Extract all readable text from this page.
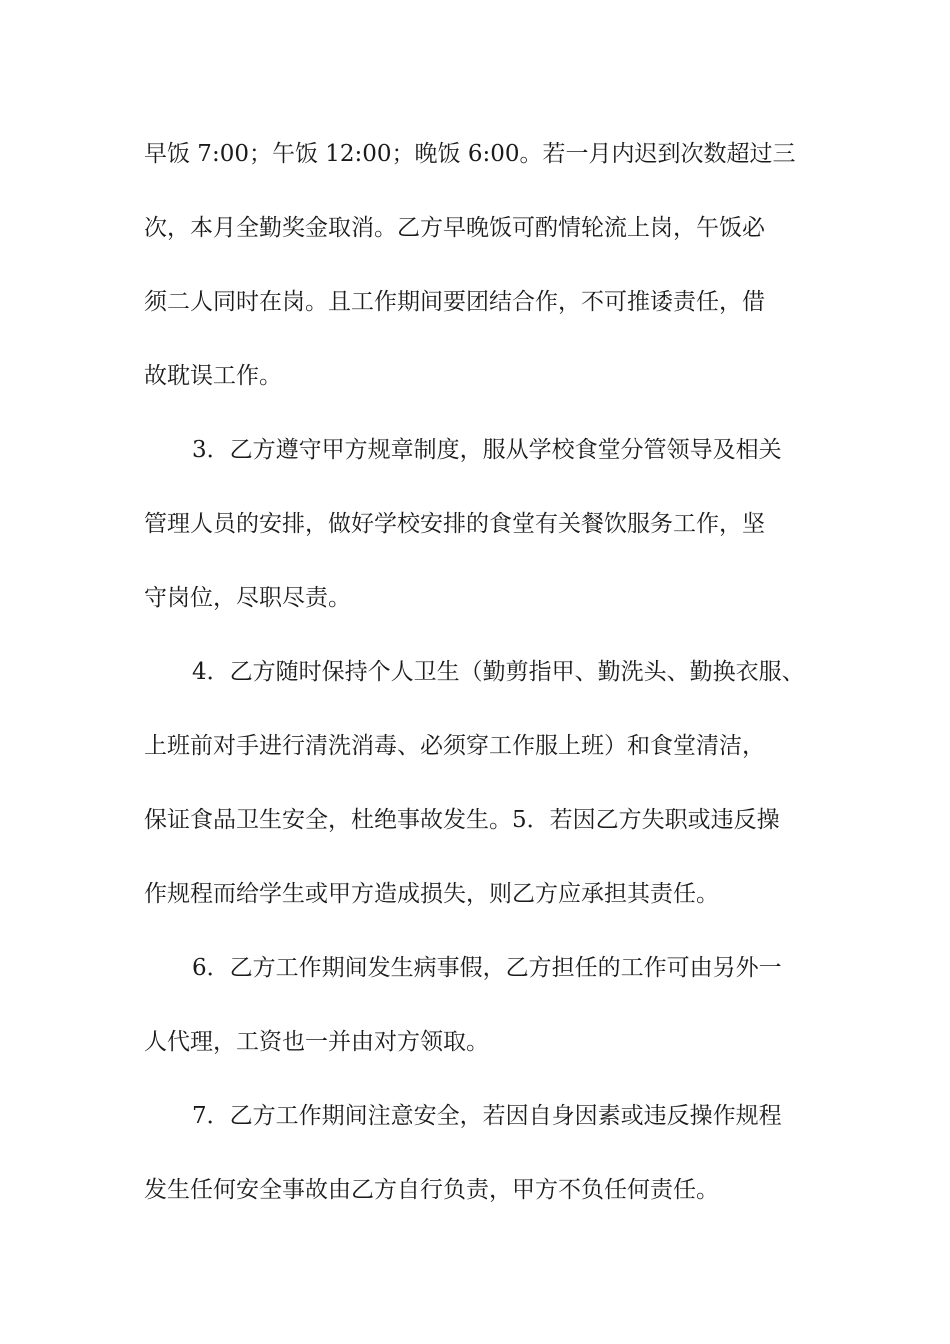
早饭 7:00；午饭 12:00；晚饭 6:00。若一月内迟到次数超过三
次，本月全勤奖金取消。乙方早晚饭可酌情轮流上岗，午饭必
须二人同时在岗。且工作期间要团结合作，不可推诿责任，借
故耽误工作。
3．乙方遵守甲方规章制度，服从学校食堂分管领导及相关
管理人员的安排，做好学校安排的食堂有关餐饮服务工作，坚
守岗位，尽职尽责。
4．乙方随时保持个人卫生（勤剪指甲、勤洗头、勤换衣服、
上班前对手进行清洗消毒、必须穿工作服上班）和食堂清洁，
保证食品卫生安全，杜绝事故发生。5．若因乙方失职或违反操
作规程而给学生或甲方造成损失，则乙方应承担其责任。
6．乙方工作期间发生病事假，乙方担任的工作可由另外一
人代理，工资也一并由对方领取。
7．乙方工作期间注意安全，若因自身因素或违反操作规程
发生任何安全事故由乙方自行负责，甲方不负任何责任。
